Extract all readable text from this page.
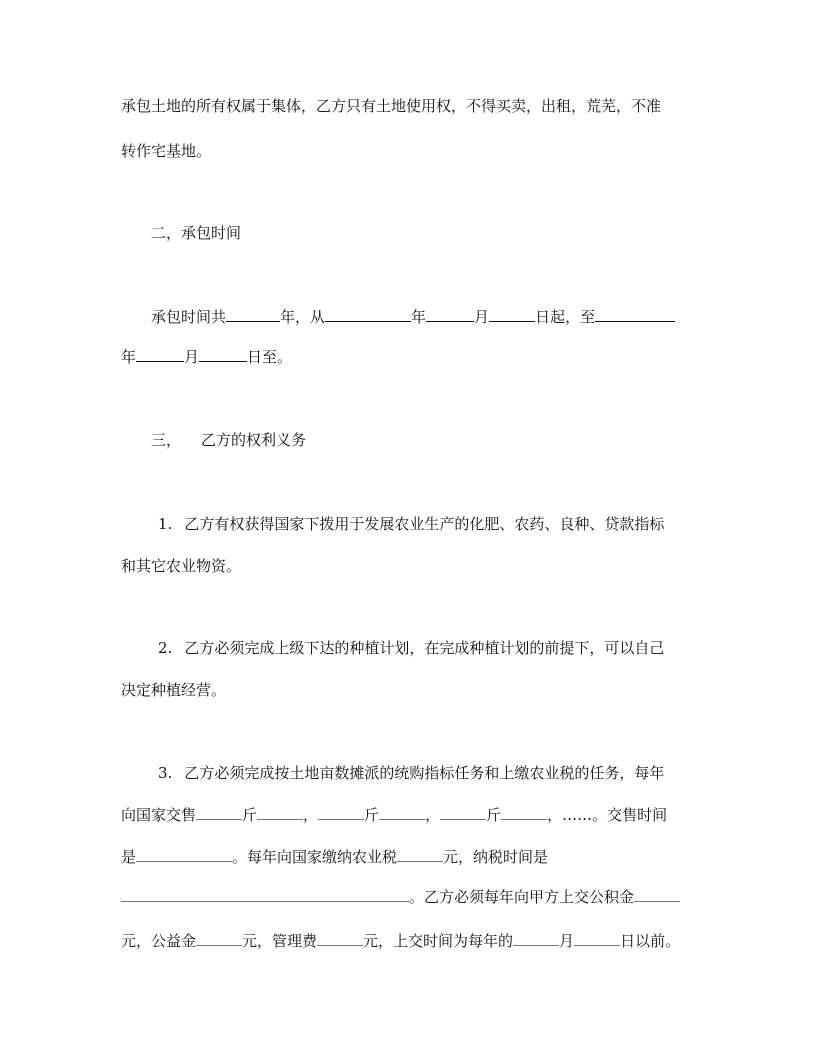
承包土地的所有权属于集体，乙方只有土地使用权，不得买卖，出租，荒芜，不准
转作宅基地。
二，承包时间
承包时间共	年，从	年	月	日起，至
年	月	日至。
三， 乙方的权利义务
1. 乙方有权获得国家下拨用于发展农业生产的化肥、农药、良种、贷款指标
和其它农业物资。
2. 乙方必须完成上级下达的种植计划，在完成种植计划的前提下，可以自己
决定种植经营。
3. 乙方必须完成按土地亩数摊派的统购指标任务和上缴农业税的任务，每年
向国家交售	斤	，	斤	，	斤	，……。交售时间
是	。每年向国家缴纳农业税	元，纳税时间是
。乙方必须每年向甲方上交公积金
元，公益金	元，管理费	元，上交时间为每年的	月	日以前。
